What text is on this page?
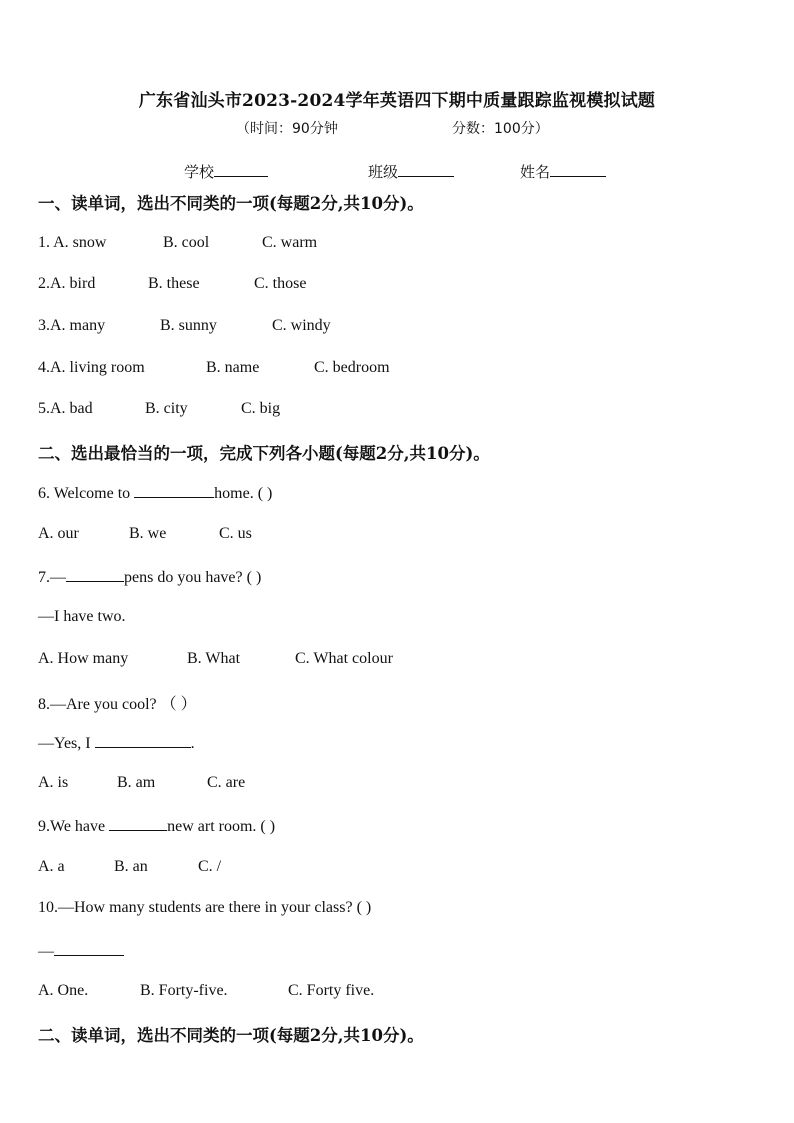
广东省汕头市2023-2024学年英语四下期中质量跟踪监视模拟试题
（时间：90分钟	分数：100分）
学校	班级	姓名
一、读单词，选出不同类的一项(每题2分,共10分)。
1. A. snow	B. cool	C. warm
2.A. bird	B. these	C. those
3.A. many	B. sunny	C. windy
4.A. living room	B. name	C. bedroom
5.A. bad	B. city	C. big
二、选出最恰当的一项，完成下列各小题(每题2分,共10分)。
6. Welcome to	home. ( )
A. our	B. we	C. us
7.—	pens do you have? ( )
—I have two.
A. How many	B. What	C. What colour
8.—Are you cool? （ ）
—Yes, I	.
A. is	B. am	C. are
9.We have	new art room. ( )
A. a	B. an	C. /
10.—How many students are there in your class? ( )
—
A. One.	B. Forty-five.	C. Forty five.
二、读单词，选出不同类的一项(每题2分,共10分)。
